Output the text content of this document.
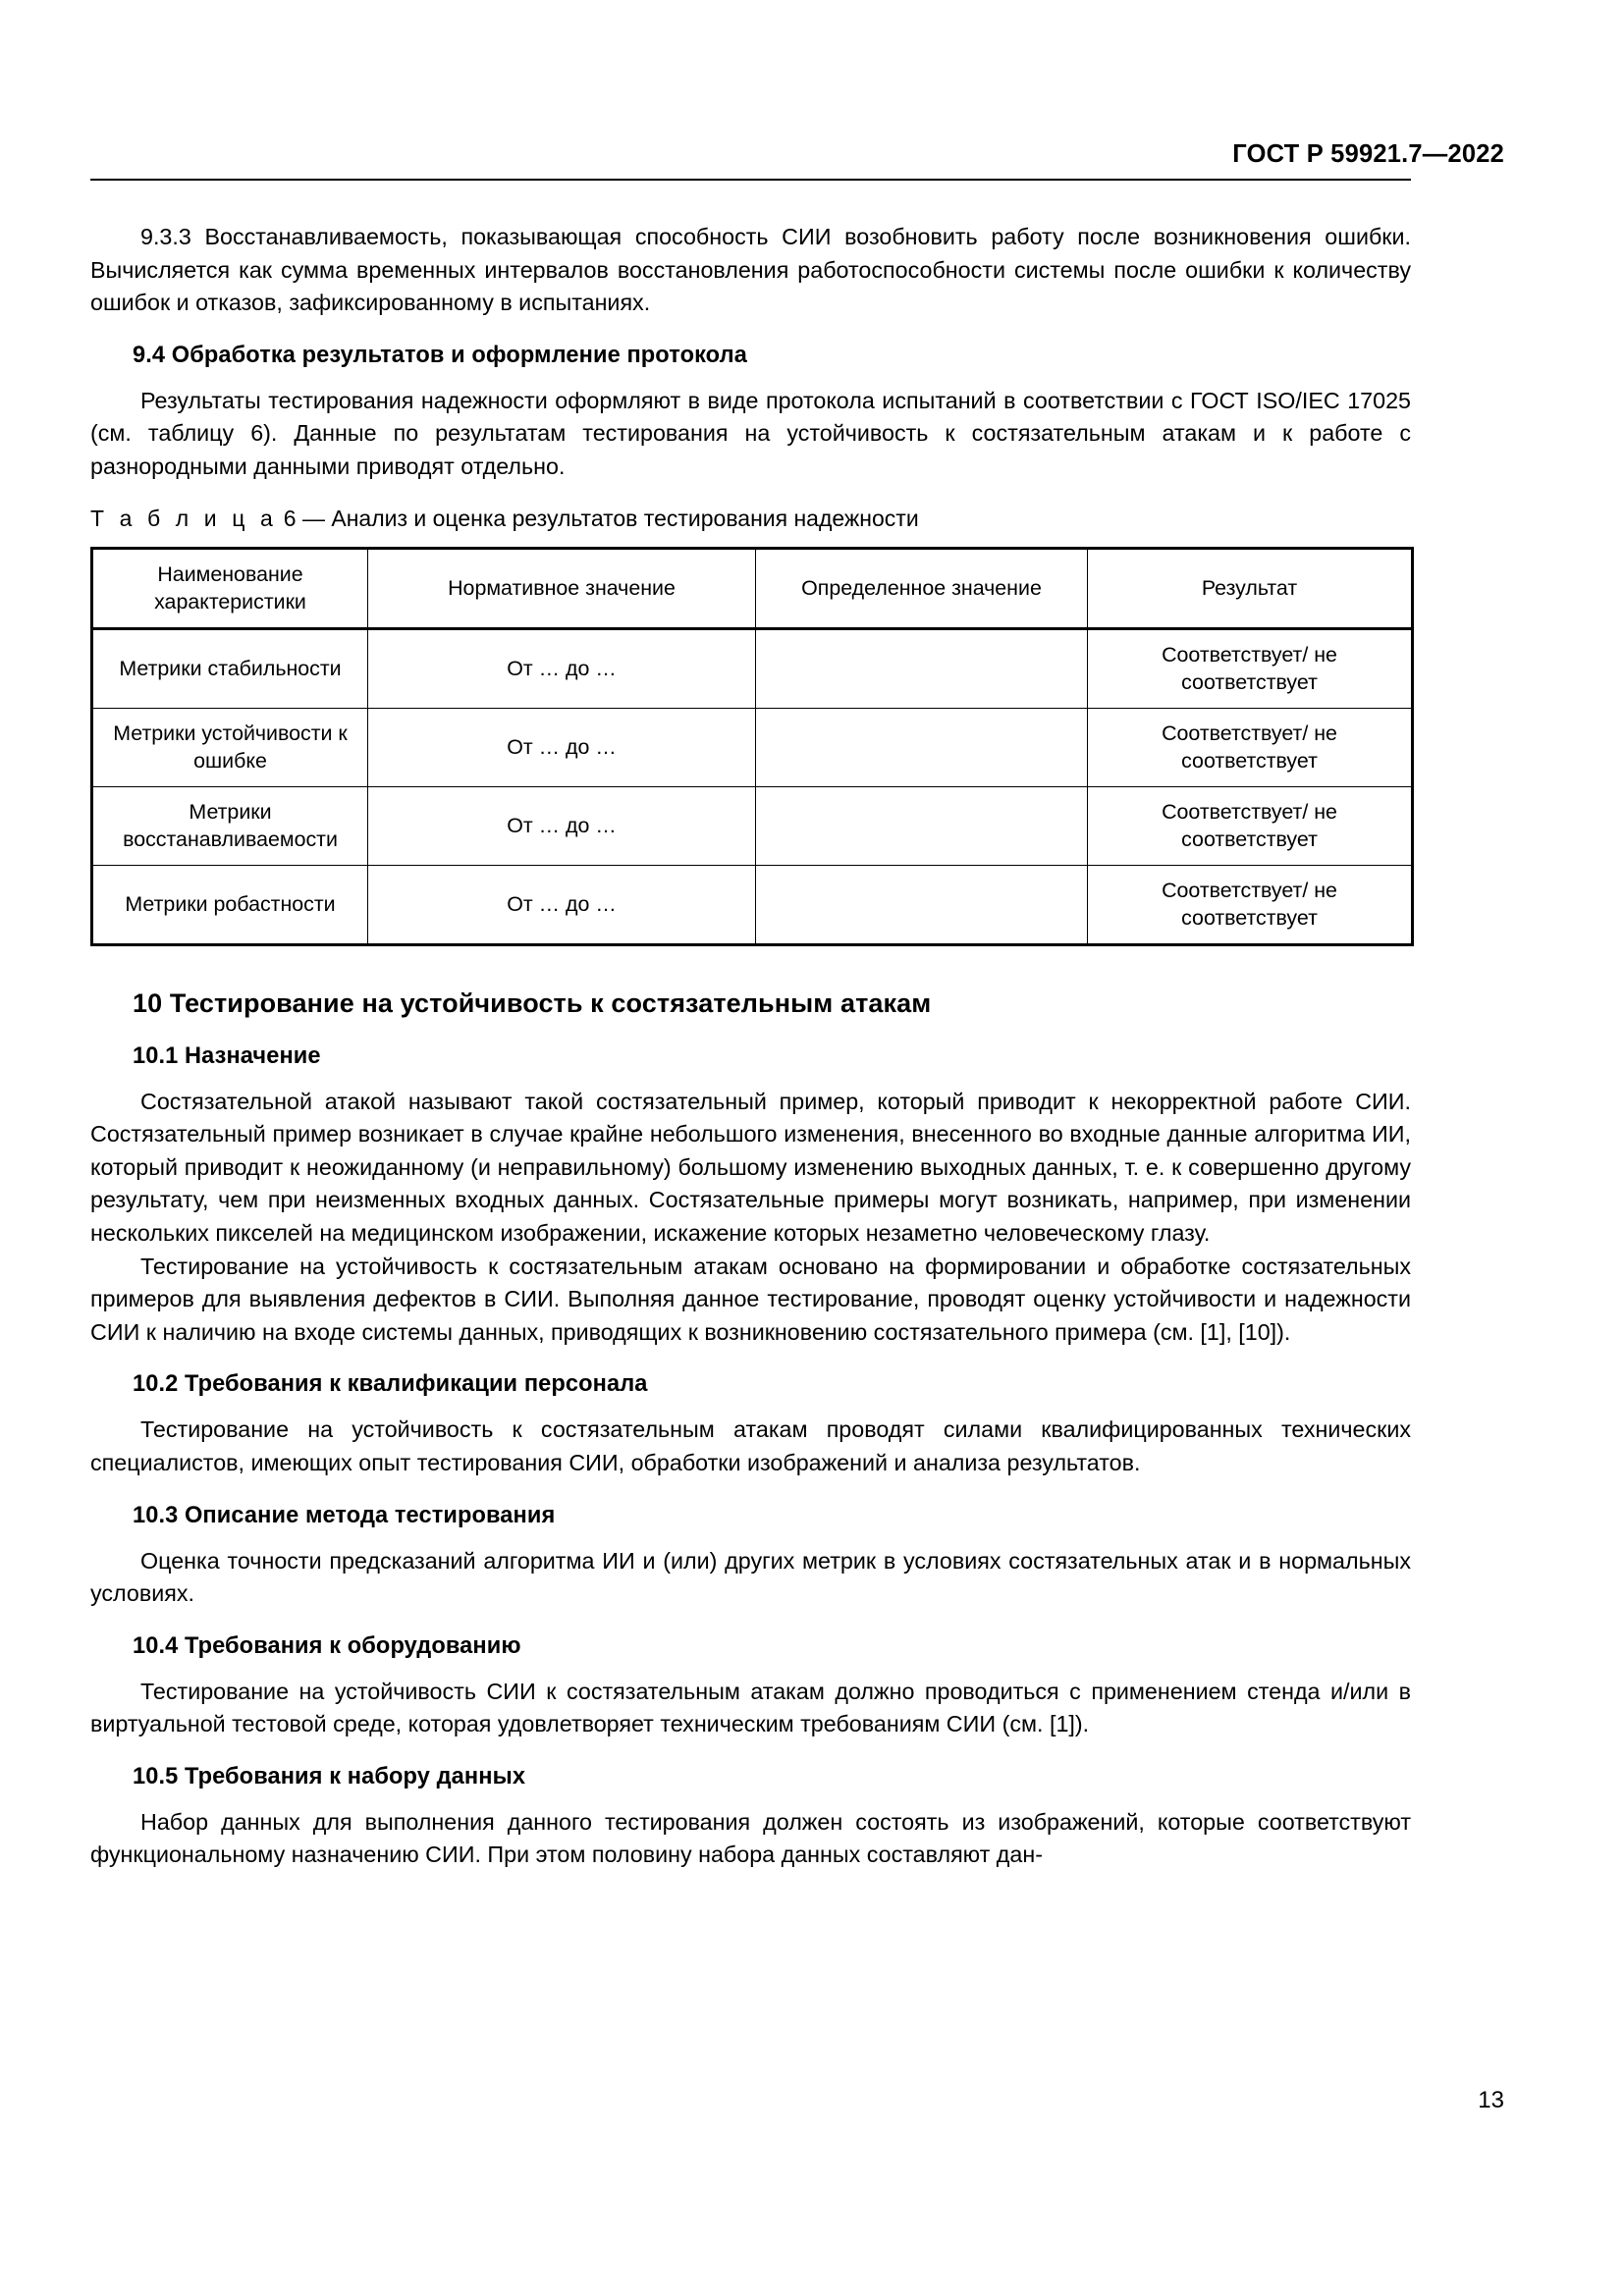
ГОСТ Р 59921.7—2022

9.3.3 Восстанавливаемость, показывающая способность СИИ возобновить работу после возникновения ошибки. Вычисляется как сумма временных интервалов восстановления работоспособности системы после ошибки к количеству ошибок и отказов, зафиксированному в испытаниях.

9.4 Обработка результатов и оформление протокола

Результаты тестирования надежности оформляют в виде протокола испытаний в соответствии с ГОСТ ISO/IEC 17025 (см. таблицу 6). Данные по результатам тестирования на устойчивость к состязательным атакам и к работе с разнородными данными приводят отдельно.

Т а б л и ц а 6 — Анализ и оценка результатов тестирования надежности

Наименование характеристики	Нормативное значение	Определенное значение	Результат
Метрики стабильности	От … до …		Соответствует/ не соответствует
Метрики устойчивости к ошибке	От … до …		Соответствует/ не соответствует
Метрики восстанавливаемости	От … до …		Соответствует/ не соответствует
Метрики робастности	От … до …		Соответствует/ не соответствует
10 Тестирование на устойчивость к состязательным атакам
10.1 Назначение

Состязательной атакой называют такой состязательный пример, который приводит к некорректной работе СИИ. Состязательный пример возникает в случае крайне небольшого изменения, внесенного во входные данные алгоритма ИИ, который приводит к неожиданному (и неправильному) большому изменению выходных данных, т. е. к совершенно другому результату, чем при неизменных входных данных. Состязательные примеры могут возникать, например, при изменении нескольких пикселей на медицинском изображении, искажение которых незаметно человеческому глазу.

Тестирование на устойчивость к состязательным атакам основано на формировании и обработке состязательных примеров для выявления дефектов в СИИ. Выполняя данное тестирование, проводят оценку устойчивости и надежности СИИ к наличию на входе системы данных, приводящих к возникновению состязательного примера (см. [1], [10]).

10.2 Требования к квалификации персонала

Тестирование на устойчивость к состязательным атакам проводят силами квалифицированных технических специалистов, имеющих опыт тестирования СИИ, обработки изображений и анализа результатов.

10.3 Описание метода тестирования

Оценка точности предсказаний алгоритма ИИ и (или) других метрик в условиях состязательных атак и в нормальных условиях.

10.4 Требования к оборудованию

Тестирование на устойчивость СИИ к состязательным атакам должно проводиться с применением стенда и/или в виртуальной тестовой среде, которая удовлетворяет техническим требованиям СИИ (см. [1]).

10.5 Требования к набору данных

Набор данных для выполнения данного тестирования должен состоять из изображений, которые соответствуют функциональному назначению СИИ. При этом половину набора данных составляют дан-

13
